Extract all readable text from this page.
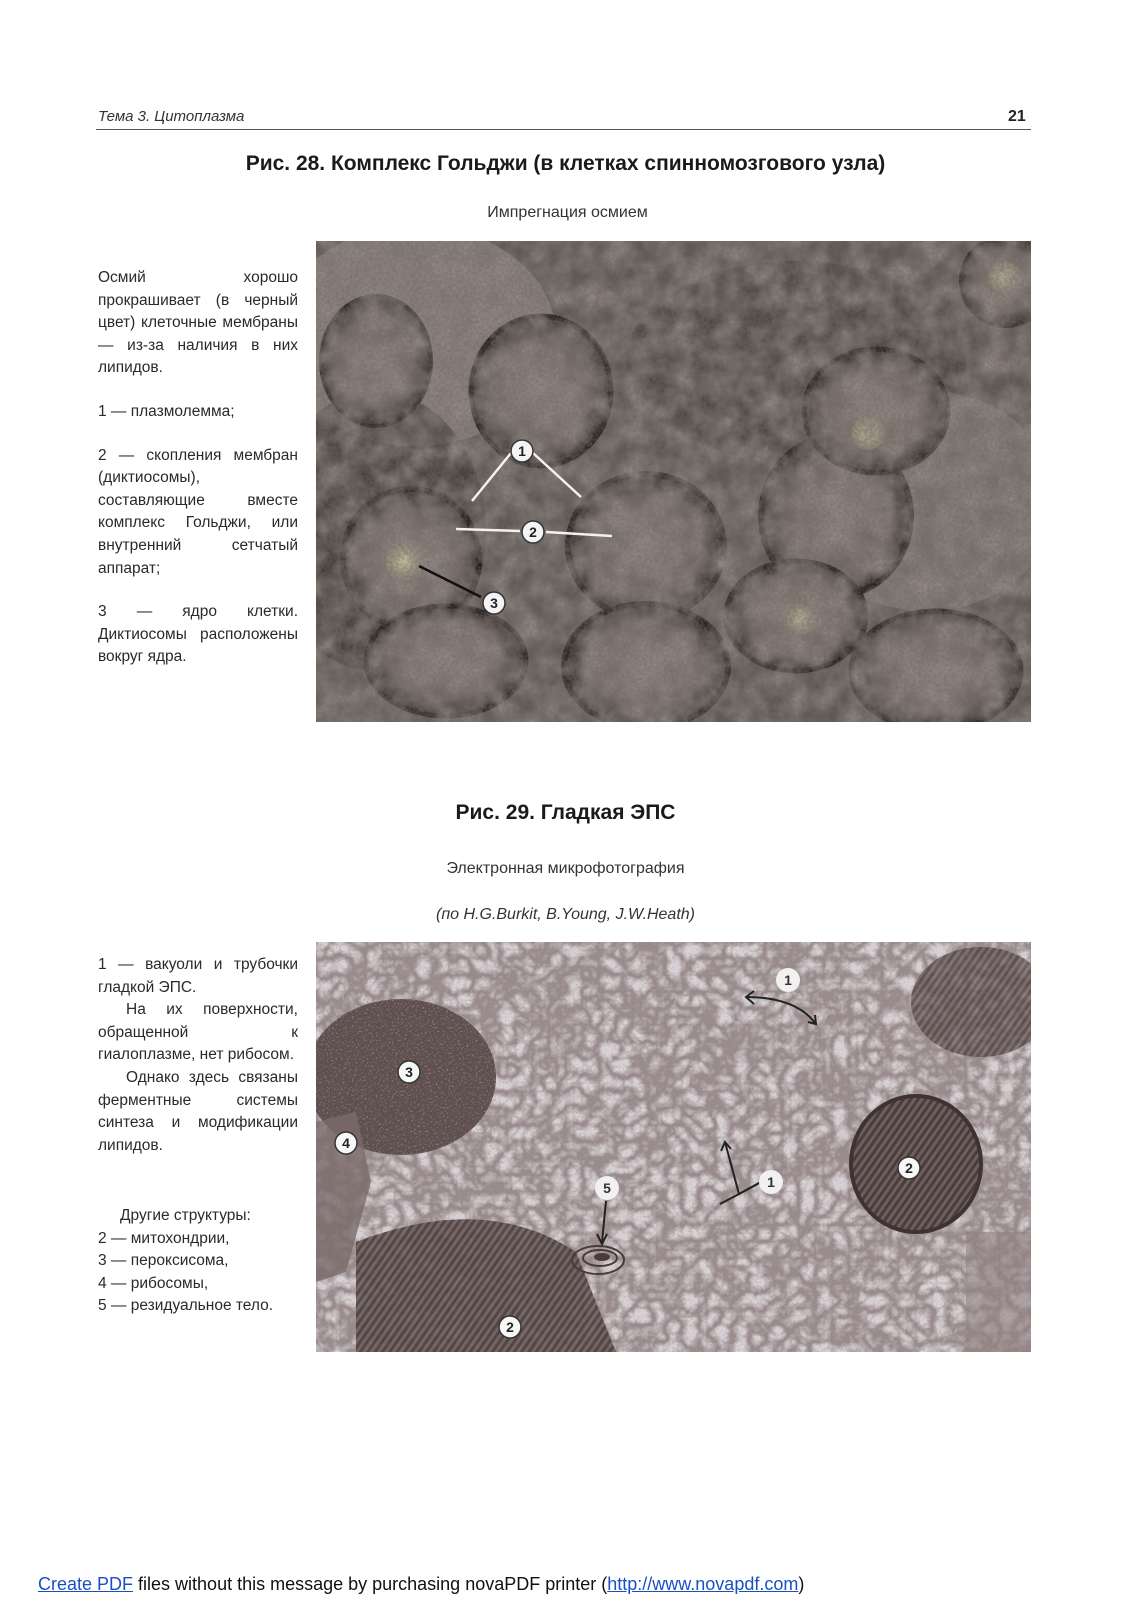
Тема 3. Цитоплазма	21
Рис. 28. Комплекс Гольджи (в клетках спинномозгового узла)
Импрегнация осмием

Осмий хорошо прокрашивает (в черный цвет) клеточные мембраны — из-за наличия в них липидов.

1 — плазмолемма;

2 — скопления мембран (диктиосомы), составляющие вместе комплекс Гольджи, или внутренний сетчатый аппарат;

3 — ядро клетки. Диктиосомы расположены вокруг ядра.

1
2
3
Рис. 29. Гладкая ЭПС
Электронная микрофотография
(по H.G.Burkit, B.Young, J.W.Heath)

1 — вакуоли и трубочки гладкой ЭПС.

На их поверхности, обращенной к гиалоплазме, нет рибосом.

Однако здесь связаны ферментные системы синтеза и модификации липидов.

Другие структуры:
2 — митохондрии,
3 — пероксисома,
4 — рибосомы,
5 — резидуальное тело.
1
1
2
2
3
4
5
Create PDF files without this message by purchasing novaPDF printer (http://www.novapdf.com)
